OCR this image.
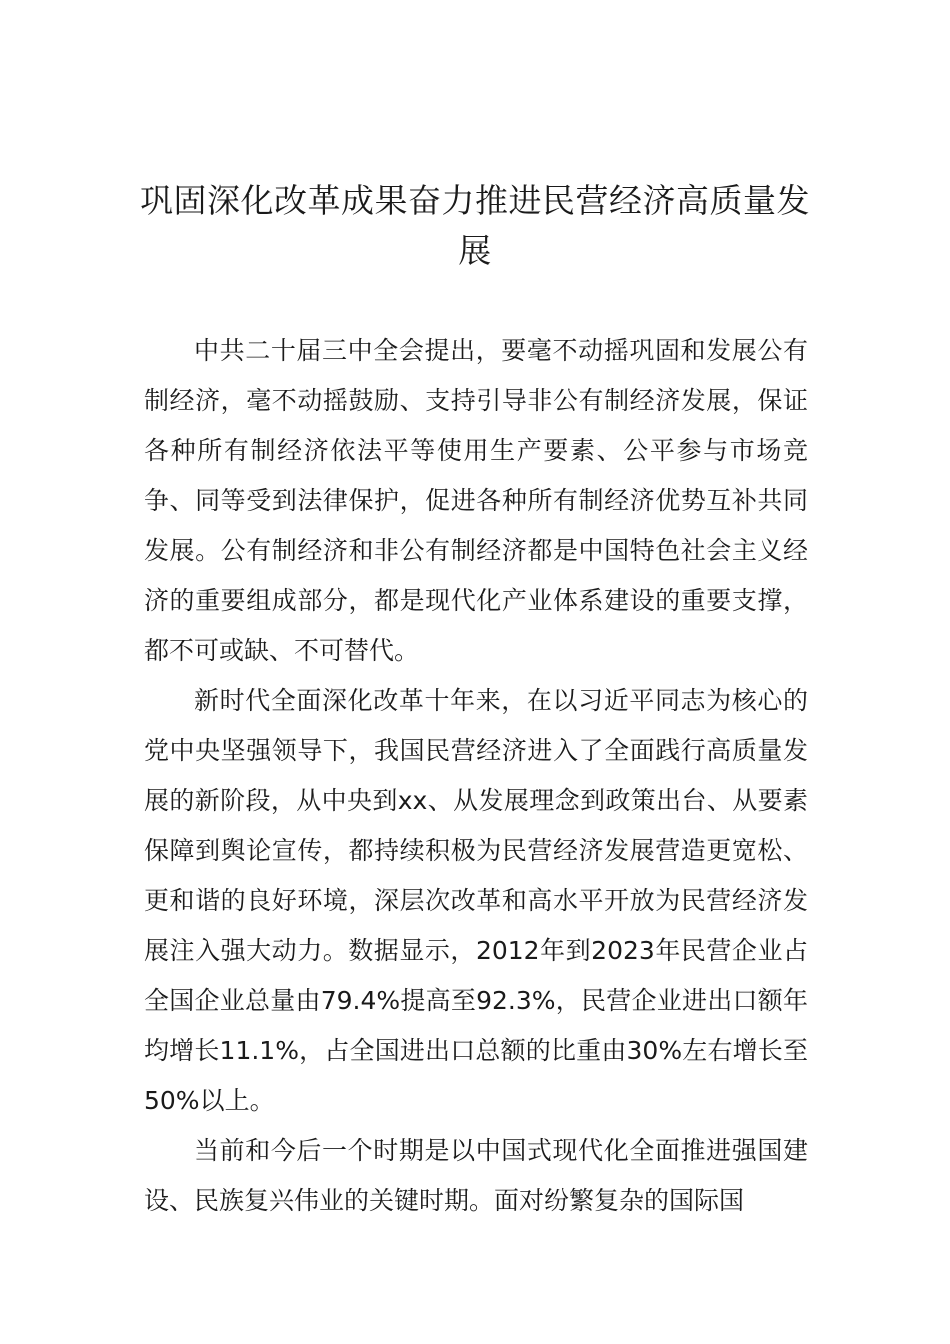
巩固深化改革成果奋力推进民营经济高质量发展

中共二十届三中全会提出，要毫不动摇巩固和发展公有制经济，毫不动摇鼓励、支持引导非公有制经济发展，保证各种所有制经济依法平等使用生产要素、公平参与市场竞争、同等受到法律保护，促进各种所有制经济优势互补共同发展。公有制经济和非公有制经济都是中国特色社会主义经济的重要组成部分，都是现代化产业体系建设的重要支撑，都不可或缺、不可替代。

新时代全面深化改革十年来，在以习近平同志为核心的党中央坚强领导下，我国民营经济进入了全面践行高质量发展的新阶段，从中央到xx、从发展理念到政策出台、从要素保障到舆论宣传，都持续积极为民营经济发展营造更宽松、更和谐的良好环境，深层次改革和高水平开放为民营经济发展注入强大动力。数据显示，2012年到2023年民营企业占全国企业总量由79.4%提高至92.3%，民营企业进出口额年均增长11.1%，占全国进出口总额的比重由30%左右增长至50%以上。

当前和今后一个时期是以中国式现代化全面推进强国建设、民族复兴伟业的关键时期。面对纷繁复杂的国际国
